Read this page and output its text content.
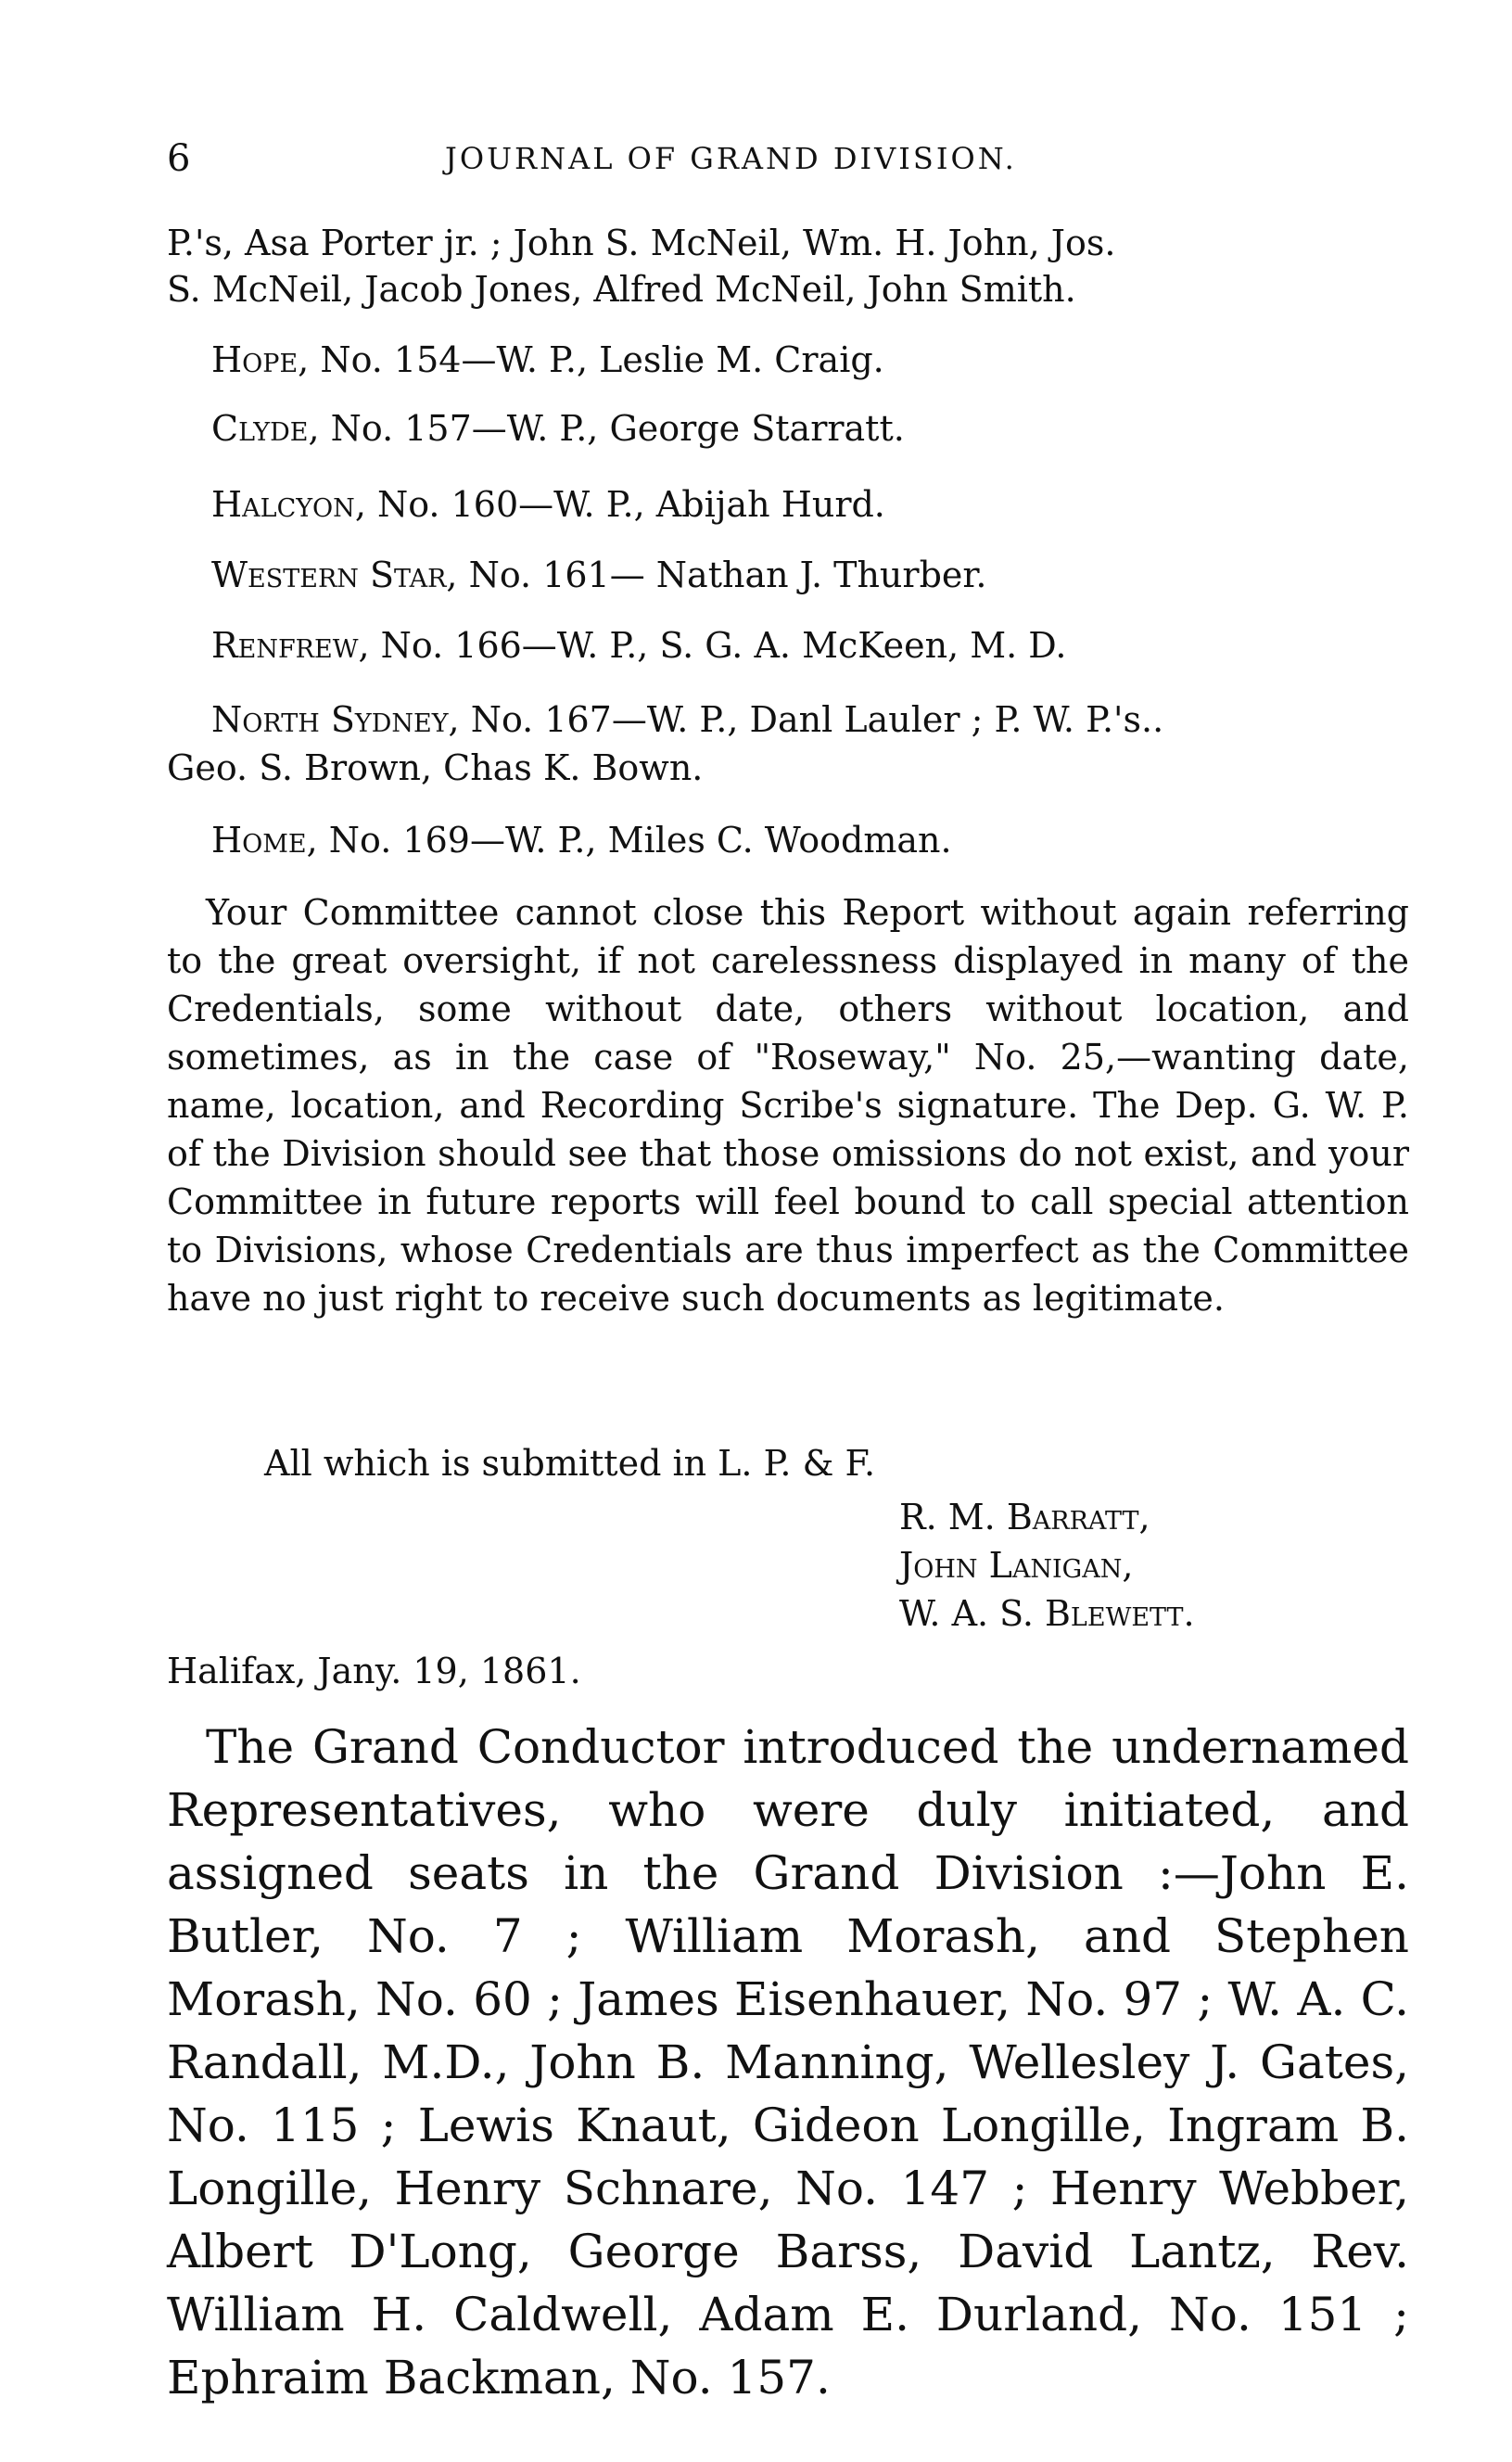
6	JOURNAL OF GRAND DIVISION.
P.'s, Asa Porter jr. ; John S. McNeil, Wm. H. John, Jos.
S. McNeil, Jacob Jones, Alfred McNeil, John Smith.
Hope, No. 154—W. P., Leslie M. Craig.
Clyde, No. 157—W. P., George Starratt.
Halcyon, No. 160—W. P., Abijah Hurd.
Western Star, No. 161— Nathan J. Thurber.
Renfrew, No. 166—W. P., S. G. A. McKeen, M. D.
North Sydney, No. 167—W. P., Danl Lauler ; P. W. P.'s..
Geo. S. Brown, Chas K. Bown.
Home, No. 169—W. P., Miles C. Woodman.
Your Committee cannot close this Report without again referring to the great oversight, if not carelessness displayed in many of the Credentials, some without date, others without location, and sometimes, as in the case of "Roseway," No. 25,—wanting date, name, location, and Recording Scribe's signature. The Dep. G. W. P. of the Division should see that those omissions do not exist, and your Committee in future reports will feel bound to call special attention to Divisions, whose Credentials are thus imperfect as the Committee have no just right to receive such documents as legitimate.
All which is submitted in L. P. & F.
R. M. Barratt,
John Lanigan,
W. A. S. Blewett.
Halifax, Jany. 19, 1861.
The Grand Conductor introduced the undernamed Representatives, who were duly initiated, and assigned seats in the Grand Division :—John E. Butler, No. 7 ; William Morash, and Stephen Morash, No. 60 ; James Eisenhauer, No. 97 ; W. A. C. Randall, M.D., John B. Manning, Wellesley J. Gates, No. 115 ; Lewis Knaut, Gideon Longille, Ingram B. Longille, Henry Schnare, No. 147 ; Henry Webber, Albert D'Long, George Barss, David Lantz, Rev. William H. Caldwell, Adam E. Durland, No. 151 ; Ephraim Backman, No. 157.
